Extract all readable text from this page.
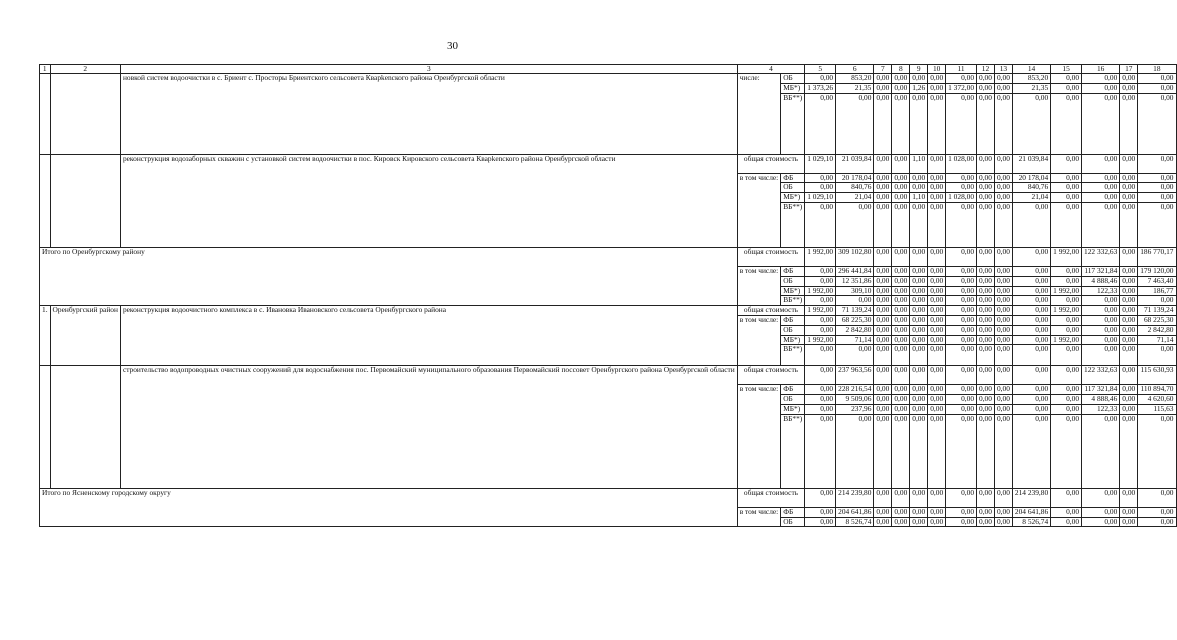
30
1	2	3	4		5	6	7	8	9	10	11	12	13	14	15	16	17	18
		новкой систем водоочистки в с. Бриент с. Просторы Бриентского сельсовета Кварkenского района Оренбургской области	числе:	ОБ	0,00	853,20	0,00	0,00	0,00	0,00	0,00	0,00	0,00	853,20	0,00	0,00	0,00	0,00
				МБ*)	1 373,26	21,35	0,00	0,00	1,26	0,00	1 372,00	0,00	0,00	21,35	0,00	0,00	0,00	0,00
				ВБ**)	0,00	0,00	0,00	0,00	0,00	0,00	0,00	0,00	0,00	0,00	0,00	0,00	0,00	0,00
		реконструкция водозаборных скважин с установкой систем водоочистки в пос. Кировск Кировского сельсовета Кварkenского района Оренбургской области	общая стоимость		1 029,10	21 039,84	0,00	0,00	1,10	0,00	1 028,00	0,00	0,00	21 039,84	0,00	0,00	0,00	0,00
			в том числе:	ФБ	0,00	20 178,04	0,00	0,00	0,00	0,00	0,00	0,00	0,00	20 178,04	0,00	0,00	0,00	0,00
				ОБ	0,00	840,76	0,00	0,00	0,00	0,00	0,00	0,00	0,00	840,76	0,00	0,00	0,00	0,00
				МБ*)	1 029,10	21,04	0,00	0,00	1,10	0,00	1 028,00	0,00	0,00	21,04	0,00	0,00	0,00	0,00
				ВБ**)	0,00	0,00	0,00	0,00	0,00	0,00	0,00	0,00	0,00	0,00	0,00	0,00	0,00	0,00
Итого по Оренбургскому району			общая стоимость		1 992,00	309 102,80	0,00	0,00	0,00	0,00	0,00	0,00	0,00	0,00	1 992,00	122 332,63	0,00	186 770,17
			в том числе:	ФБ	0,00	296 441,84	0,00	0,00	0,00	0,00	0,00	0,00	0,00	0,00	0,00	117 321,84	0,00	179 120,00
				ОБ	0,00	12 351,86	0,00	0,00	0,00	0,00	0,00	0,00	0,00	0,00	0,00	4 888,46	0,00	7 463,40
				МБ*)	1 992,00	309,10	0,00	0,00	0,00	0,00	0,00	0,00	0,00	0,00	1 992,00	122,33	0,00	186,77
				ВБ**)	0,00	0,00	0,00	0,00	0,00	0,00	0,00	0,00	0,00	0,00	0,00	0,00	0,00	0,00
1.	Оренбургский район	реконструкция водоочистного комплекса в с. Ивановка Ивановского сельсовета Оренбургского района	общая стоимость		1 992,00	71 139,24	0,00	0,00	0,00	0,00	0,00	0,00	0,00	0,00	1 992,00	0,00	0,00	71 139,24
			в том числе:	ФБ	0,00	68 225,30	0,00	0,00	0,00	0,00	0,00	0,00	0,00	0,00	0,00	0,00	0,00	68 225,30
				ОБ	0,00	2 842,80	0,00	0,00	0,00	0,00	0,00	0,00	0,00	0,00	0,00	0,00	0,00	2 842,80
				МБ*)	1 992,00	71,14	0,00	0,00	0,00	0,00	0,00	0,00	0,00	0,00	1 992,00	0,00	0,00	71,14
				ВБ**)	0,00	0,00	0,00	0,00	0,00	0,00	0,00	0,00	0,00	0,00	0,00	0,00	0,00	0,00
		строительство водопроводных очистных сооружений для водоснабжения пос. Первомайский муниципального образования Первомайский поссовет Оренбургского района Оренбургской области	общая стоимость		0,00	237 963,56	0,00	0,00	0,00	0,00	0,00	0,00	0,00	0,00	0,00	122 332,63	0,00	115 630,93
			в том числе:	ФБ	0,00	228 216,54	0,00	0,00	0,00	0,00	0,00	0,00	0,00	0,00	0,00	117 321,84	0,00	110 894,70
				ОБ	0,00	9 509,06	0,00	0,00	0,00	0,00	0,00	0,00	0,00	0,00	0,00	4 888,46	0,00	4 620,60
				МБ*)	0,00	237,96	0,00	0,00	0,00	0,00	0,00	0,00	0,00	0,00	0,00	122,33	0,00	115,63
				ВБ**)	0,00	0,00	0,00	0,00	0,00	0,00	0,00	0,00	0,00	0,00	0,00	0,00	0,00	0,00
Итого по Ясненскому городскому округу			общая стоимость		0,00	214 239,80	0,00	0,00	0,00	0,00	0,00	0,00	0,00	214 239,80	0,00	0,00	0,00	0,00
			в том числе:	ФБ	0,00	204 641,86	0,00	0,00	0,00	0,00	0,00	0,00	0,00	204 641,86	0,00	0,00	0,00	0,00
				ОБ	0,00	8 526,74	0,00	0,00	0,00	0,00	0,00	0,00	0,00	8 526,74	0,00	0,00	0,00	0,00
